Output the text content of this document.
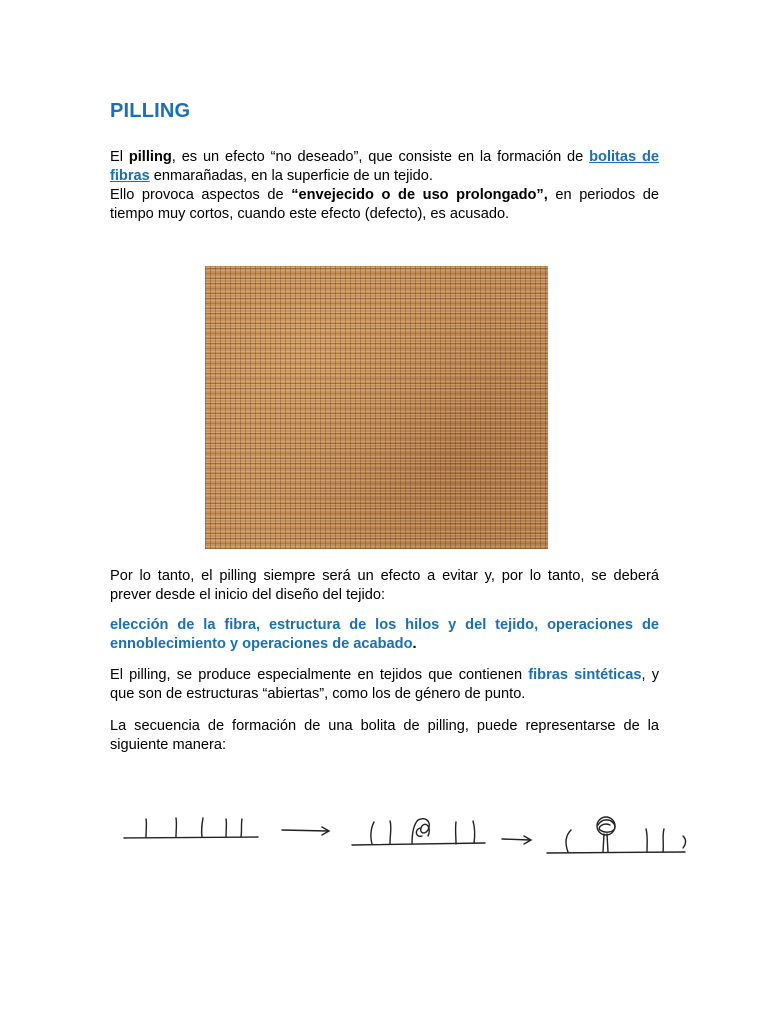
PILLING

El pilling, es un efecto “no deseado”, que consiste en la formación de bolitas de fibras enmarañadas, en la superficie de un tejido.
Ello provoca aspectos de “envejecido o de uso prolongado”, en periodos de tiempo muy cortos, cuando este efecto (defecto), es acusado.

Por lo tanto, el pilling siempre será un efecto a evitar y, por lo tanto, se deberá prever desde el inicio del diseño del tejido:

elección de la fibra, estructura de los hilos y del tejido, operaciones de ennoblecimiento y operaciones de acabado.

El pilling, se produce especialmente en tejidos que contienen fibras sintéticas, y que son de estructuras “abiertas”, como los de género de punto.

La secuencia de formación de una bolita de pilling, puede representarse de la siguiente manera:
